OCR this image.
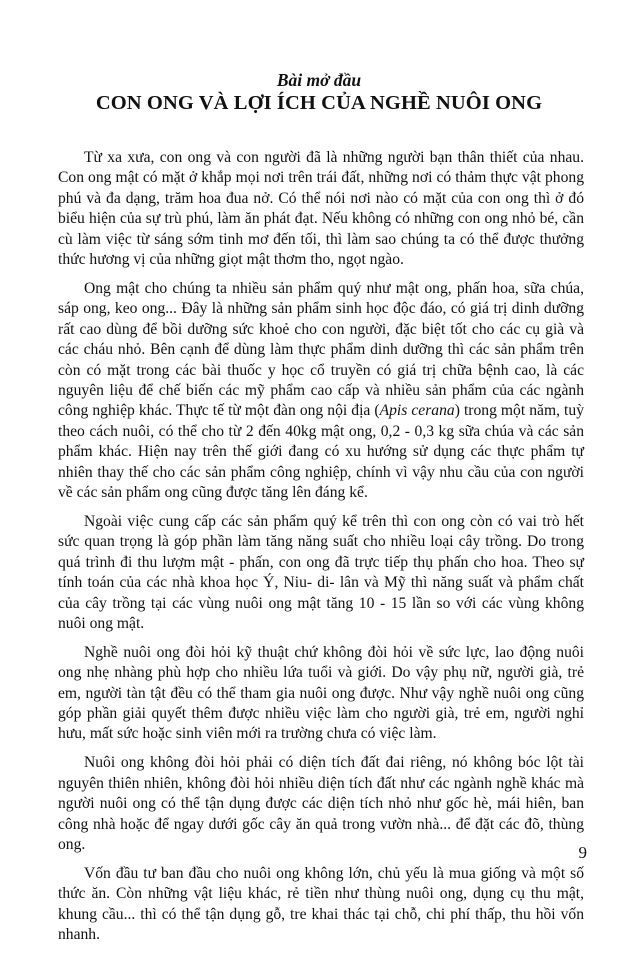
Bài mở đầu
CON ONG VÀ LỢI ÍCH CỦA NGHỀ NUÔI ONG

Từ xa xưa, con ong và con người đã là những người bạn thân thiết của nhau. Con ong mật có mặt ở khắp mọi nơi trên trái đất, những nơi có thảm thực vật phong phú và đa dạng, trăm hoa đua nở. Có thể nói nơi nào có mặt của con ong thì ở đó biểu hiện của sự trù phú, làm ăn phát đạt. Nếu không có những con ong nhỏ bé, cần cù làm việc từ sáng sớm tinh mơ đến tối, thì làm sao chúng ta có thể được thưởng thức hương vị của những giọt mật thơm tho, ngọt ngào.

Ong mật cho chúng ta nhiều sản phẩm quý như mật ong, phấn hoa, sữa chúa, sáp ong, keo ong... Đây là những sản phẩm sinh học độc đáo, có giá trị dinh dưỡng rất cao dùng để bồi dưỡng sức khoẻ cho con người, đặc biệt tốt cho các cụ già và các cháu nhỏ. Bên cạnh để dùng làm thực phẩm dinh dưỡng thì các sản phẩm trên còn có mặt trong các bài thuốc y học cổ truyền có giá trị chữa bệnh cao, là các nguyên liệu để chế biến các mỹ phẩm cao cấp và nhiều sản phẩm của các ngành công nghiệp khác. Thực tế từ một đàn ong nội địa (Apis cerana) trong một năm, tuỳ theo cách nuôi, có thể cho từ 2 đến 40kg mật ong, 0,2 - 0,3 kg sữa chúa và các sản phẩm khác. Hiện nay trên thế giới đang có xu hướng sử dụng các thực phẩm tự nhiên thay thế cho các sản phẩm công nghiệp, chính vì vậy nhu cầu của con người về các sản phẩm ong cũng được tăng lên đáng kể.

Ngoài việc cung cấp các sản phẩm quý kể trên thì con ong còn có vai trò hết sức quan trọng là góp phần làm tăng năng suất cho nhiều loại cây trồng. Do trong quá trình đi thu lượm mật - phấn, con ong đã trực tiếp thụ phấn cho hoa. Theo sự tính toán của các nhà khoa học Ý, Niu- di- lân và Mỹ thì năng suất và phẩm chất của cây trồng tại các vùng nuôi ong mật tăng 10 - 15 lần so với các vùng không nuôi ong mật.

Nghề nuôi ong đòi hỏi kỹ thuật chứ không đòi hỏi về sức lực, lao động nuôi ong nhẹ nhàng phù hợp cho nhiều lứa tuổi và giới. Do vậy phụ nữ, người già, trẻ em, người tàn tật đều có thể tham gia nuôi ong được. Như vậy nghề nuôi ong cũng góp phần giải quyết thêm được nhiều việc làm cho người già, trẻ em, người nghỉ hưu, mất sức hoặc sinh viên mới ra trường chưa có việc làm.

Nuôi ong không đòi hỏi phải có diện tích đất đai riêng, nó không bóc lột tài nguyên thiên nhiên, không đòi hỏi nhiều diện tích đất như các ngành nghề khác mà người nuôi ong có thể tận dụng được các diện tích nhỏ như gốc hè, mái hiên, ban công nhà hoặc để ngay dưới gốc cây ăn quả trong vườn nhà... để đặt các đõ, thùng ong.

Vốn đầu tư ban đầu cho nuôi ong không lớn, chủ yếu là mua giống và một số thức ăn. Còn những vật liệu khác, rẻ tiền như thùng nuôi ong, dụng cụ thu mật, khung cầu... thì có thể tận dụng gỗ, tre khai thác tại chỗ, chi phí thấp, thu hồi vốn nhanh.

9
